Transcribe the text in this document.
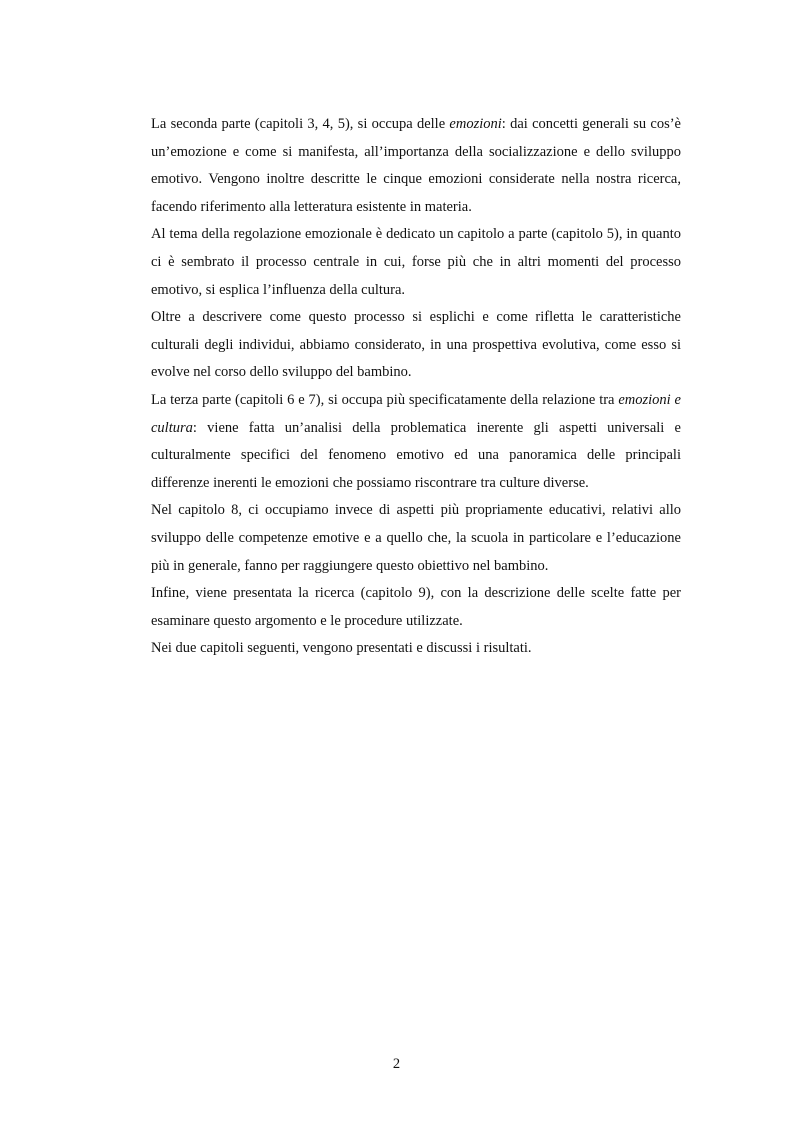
La seconda parte (capitoli 3, 4, 5), si occupa delle emozioni: dai concetti generali su cos’è un’emozione e come si manifesta, all’importanza della socializzazione e dello sviluppo emotivo. Vengono inoltre descritte le cinque emozioni considerate nella nostra ricerca, facendo riferimento alla letteratura esistente in materia.

Al tema della regolazione emozionale è dedicato un capitolo a parte (capitolo 5), in quanto ci è sembrato il processo centrale in cui, forse più che in altri momenti del processo emotivo, si esplica l’influenza della cultura.

Oltre a descrivere come questo processo si esplichi e come rifletta le caratteristiche culturali degli individui, abbiamo considerato, in una prospettiva evolutiva, come esso si evolve nel corso dello sviluppo del bambino.

La terza parte (capitoli 6 e 7), si occupa più specificatamente della relazione tra emozioni e cultura: viene fatta un’analisi della problematica inerente gli aspetti universali e culturalmente specifici del fenomeno emotivo ed una panoramica delle principali differenze inerenti le emozioni che possiamo riscontrare tra culture diverse.

Nel capitolo 8, ci occupiamo invece di aspetti più propriamente educativi, relativi allo sviluppo delle competenze emotive e a quello che, la scuola in particolare e l’educazione più in generale, fanno per raggiungere questo obiettivo nel bambino.

Infine, viene presentata la ricerca (capitolo 9), con la descrizione delle scelte fatte per esaminare questo argomento e le procedure utilizzate.

Nei due capitoli seguenti, vengono presentati e discussi i risultati.

2
